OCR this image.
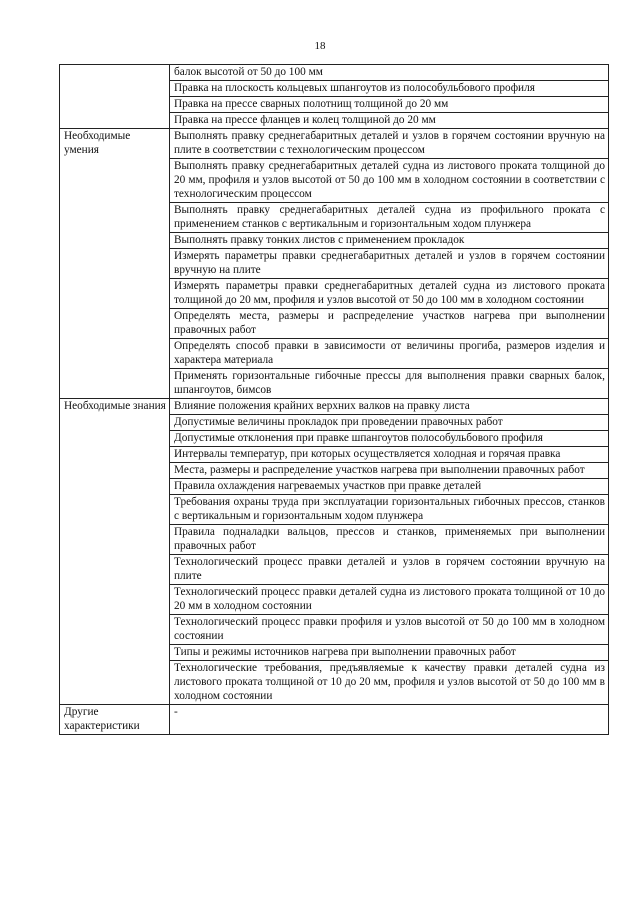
18
	балок высотой от 50 до 100 мм
	Правка на плоскость кольцевых шпангоутов из полособульбового профиля
	Правка на прессе сварных полотнищ толщиной до 20 мм
	Правка на прессе фланцев и колец толщиной до 20 мм
Необходимые умения	Выполнять правку среднегабаритных деталей и узлов в горячем состоянии вручную на плите в соответствии с технологическим процессом
	Выполнять правку среднегабаритных деталей судна из листового проката толщиной до 20 мм, профиля и узлов высотой от 50 до 100 мм в холодном состоянии в соответствии с технологическим процессом
	Выполнять правку среднегабаритных деталей судна из профильного проката с применением станков с вертикальным и горизонтальным ходом плунжера
	Выполнять правку тонких листов с применением прокладок
	Измерять параметры правки среднегабаритных деталей и узлов в горячем состоянии вручную на плите
	Измерять параметры правки среднегабаритных деталей судна из листового проката толщиной до 20 мм, профиля и узлов высотой от 50 до 100 мм в холодном состоянии
	Определять места, размеры и распределение участков нагрева при выполнении правочных работ
	Определять способ правки в зависимости от величины прогиба, размеров изделия и характера материала
	Применять горизонтальные гибочные прессы для выполнения правки сварных балок, шпангоутов, бимсов
Необходимые знания	Влияние положения крайних верхних валков на правку листа
	Допустимые величины прокладок при проведении правочных работ
	Допустимые отклонения при правке шпангоутов полособульбового профиля
	Интервалы температур, при которых осуществляется холодная и горячая правка
	Места, размеры и распределение участков нагрева при выполнении правочных работ
	Правила охлаждения нагреваемых участков при правке деталей
	Требования охраны труда при эксплуатации горизонтальных гибочных прессов, станков с вертикальным и горизонтальным ходом плунжера
	Правила подналадки вальцов, прессов и станков, применяемых при выполнении правочных работ
	Технологический процесс правки деталей и узлов в горячем состоянии вручную на плите
	Технологический процесс правки деталей судна из листового проката толщиной от 10 до 20 мм в холодном состоянии
	Технологический процесс правки профиля и узлов высотой от 50 до 100 мм в холодном состоянии
	Типы и режимы источников нагрева при выполнении правочных работ
	Технологические требования, предъявляемые к качеству правки деталей судна из листового проката толщиной от 10 до 20 мм, профиля и узлов высотой от 50 до 100 мм в холодном состоянии
Другие характеристики	-
